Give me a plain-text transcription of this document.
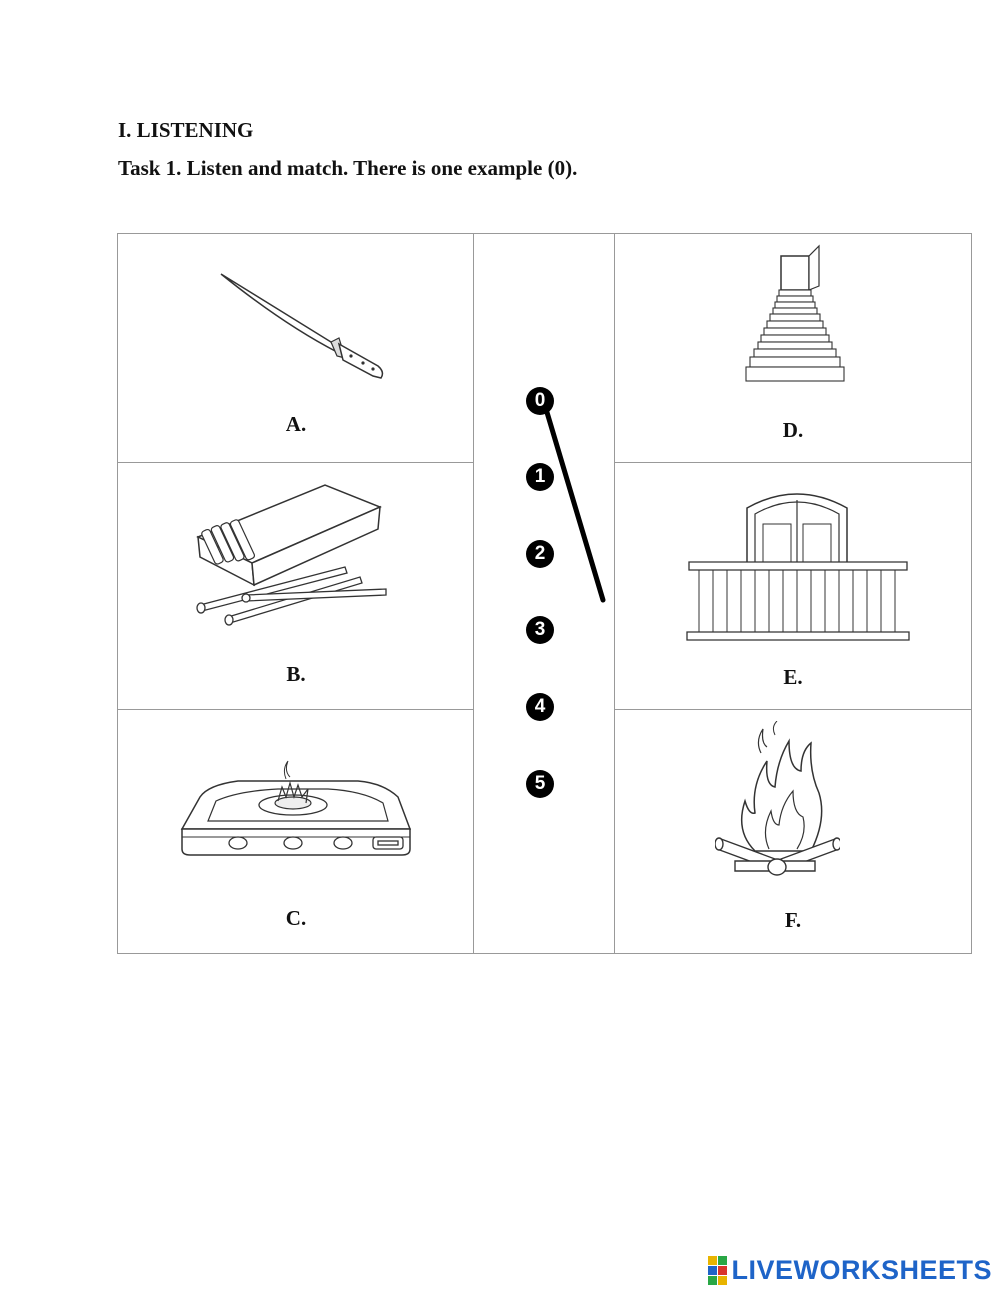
I. LISTENING
Task 1. Listen and match. There is one example (0).
A.
B.
C.
0
1
2
3
4
5
D.
E.
F.
LIVEWORKSHEETS
